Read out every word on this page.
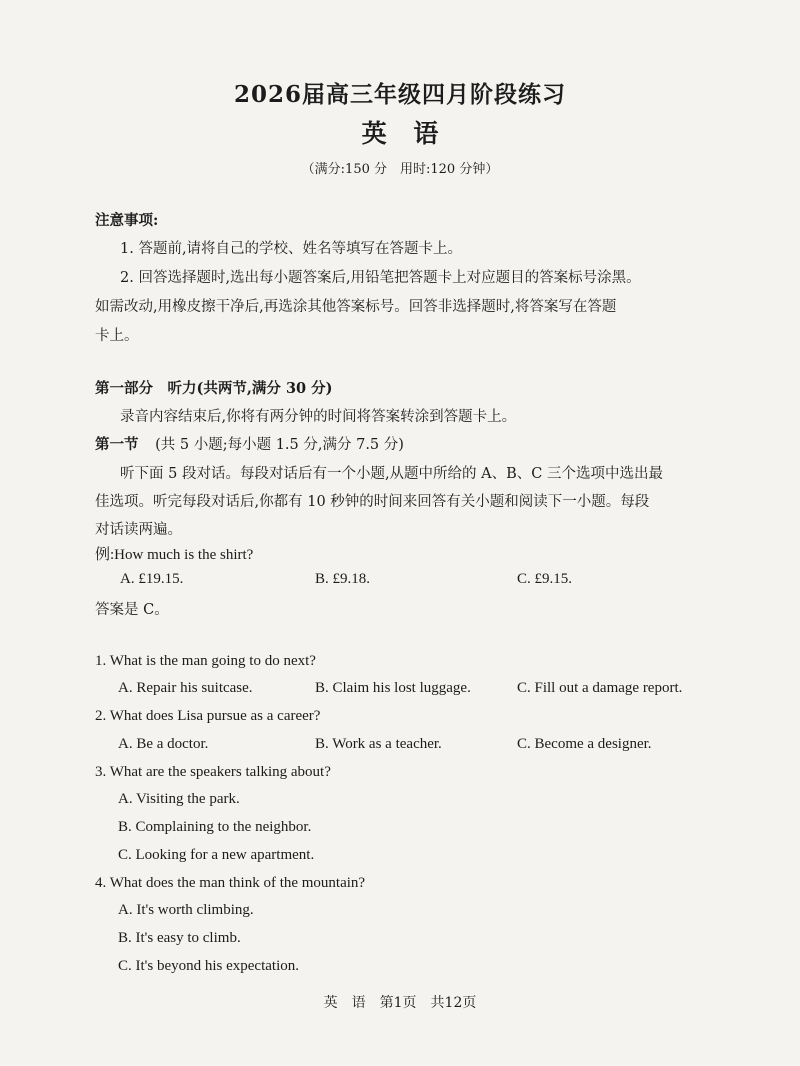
2026届高三年级四月阶段练习
英 语
（满分:150 分　用时:120 分钟）
注意事项:
1. 答题前,请将自己的学校、姓名等填写在答题卡上。
2. 回答选择题时,选出每小题答案后,用铅笔把答题卡上对应题目的答案标号涂黑。
如需改动,用橡皮擦干净后,再选涂其他答案标号。回答非选择题时,将答案写在答题
卡上。
第一部分　听力(共两节,满分 30 分)
录音内容结束后,你将有两分钟的时间将答案转涂到答题卡上。
第一节 (共 5 小题;每小题 1.5 分,满分 7.5 分)
听下面 5 段对话。每段对话后有一个小题,从题中所给的 A、B、C 三个选项中选出最
佳选项。听完每段对话后,你都有 10 秒钟的时间来回答有关小题和阅读下一小题。每段
对话读两遍。
例:How much is the shirt?
A. £19.15.	B. £9.18.	C. £9.15.
答案是 C。
1. What is the man going to do next?
A. Repair his suitcase.	B. Claim his lost luggage.	C. Fill out a damage report.
2. What does Lisa pursue as a career?
A. Be a doctor.	B. Work as a teacher.	C. Become a designer.
3. What are the speakers talking about?
A. Visiting the park.
B. Complaining to the neighbor.
C. Looking for a new apartment.
4. What does the man think of the mountain?
A. It's worth climbing.
B. It's easy to climb.
C. It's beyond his expectation.
英　语　第1页　共12页
